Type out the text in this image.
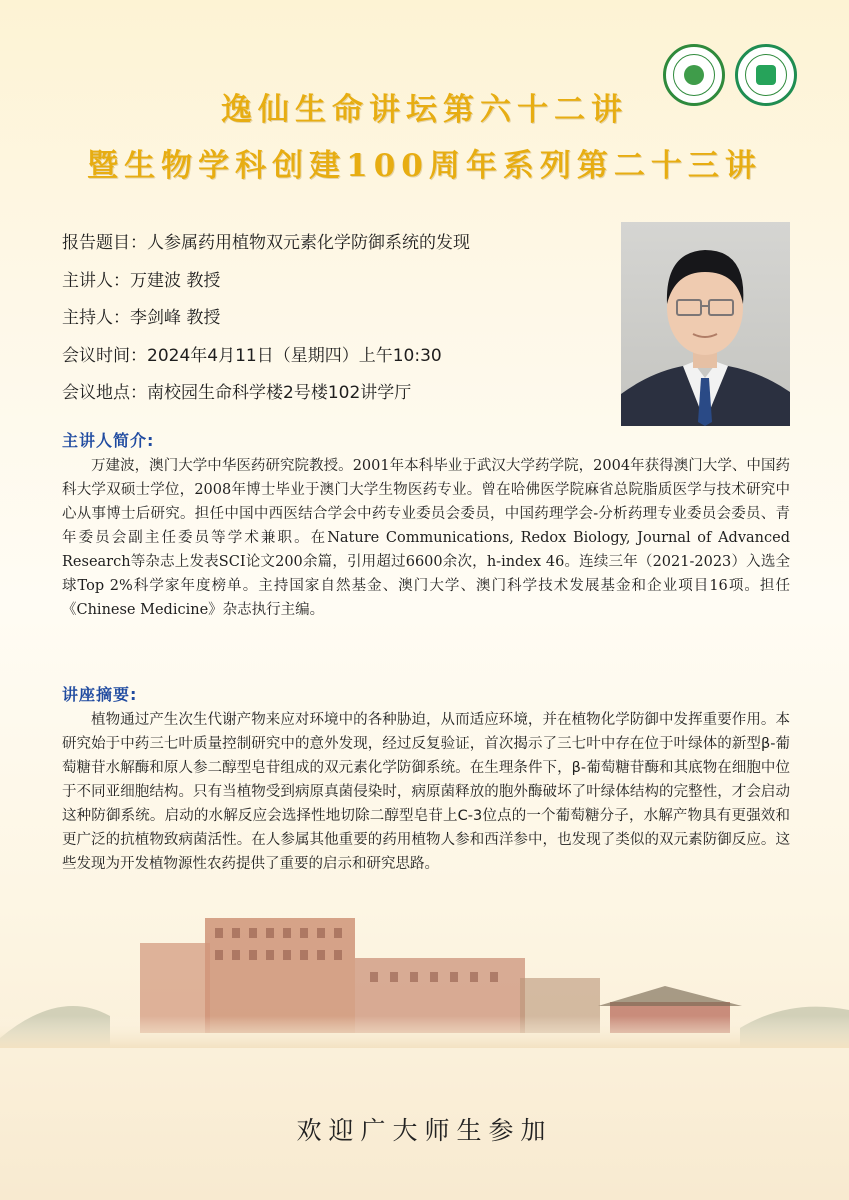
逸仙生命讲坛第六十二讲
暨生物学科创建100周年系列第二十三讲
报告题目：人参属药用植物双元素化学防御系统的发现
主讲人：万建波 教授
主持人：李剑峰 教授
会议时间：2024年4月11日（星期四）上午10:30
会议地点：南校园生命科学楼2号楼102讲学厅
主讲人简介:

万建波，澳门大学中华医药研究院教授。2001年本科毕业于武汉大学药学院，2004年获得澳门大学、中国药科大学双硕士学位，2008年博士毕业于澳门大学生物医药专业。曾在哈佛医学院麻省总院脂质医学与技术研究中心从事博士后研究。担任中国中西医结合学会中药专业委员会委员，中国药理学会-分析药理专业委员会委员、青年委员会副主任委员等学术兼职。在Nature Communications, Redox Biology, Journal of Advanced Research等杂志上发表SCI论文200余篇，引用超过6600余次，h-index 46。连续三年（2021-2023）入选全球Top 2%科学家年度榜单。主持国家自然基金、澳门大学、澳门科学技术发展基金和企业项目16项。担任《Chinese Medicine》杂志执行主编。

讲座摘要:

植物通过产生次生代谢产物来应对环境中的各种胁迫，从而适应环境，并在植物化学防御中发挥重要作用。本研究始于中药三七叶质量控制研究中的意外发现，经过反复验证，首次揭示了三七叶中存在位于叶绿体的新型β-葡萄糖苷水解酶和原人参二醇型皂苷组成的双元素化学防御系统。在生理条件下，β-葡萄糖苷酶和其底物在细胞中位于不同亚细胞结构。只有当植物受到病原真菌侵染时，病原菌释放的胞外酶破坏了叶绿体结构的完整性，才会启动这种防御系统。启动的水解反应会选择性地切除二醇型皂苷上C-3位点的一个葡萄糖分子，水解产物具有更强效和更广泛的抗植物致病菌活性。在人参属其他重要的药用植物人参和西洋参中，也发现了类似的双元素防御反应。这些发现为开发植物源性农药提供了重要的启示和研究思路。

欢迎广大师生参加
